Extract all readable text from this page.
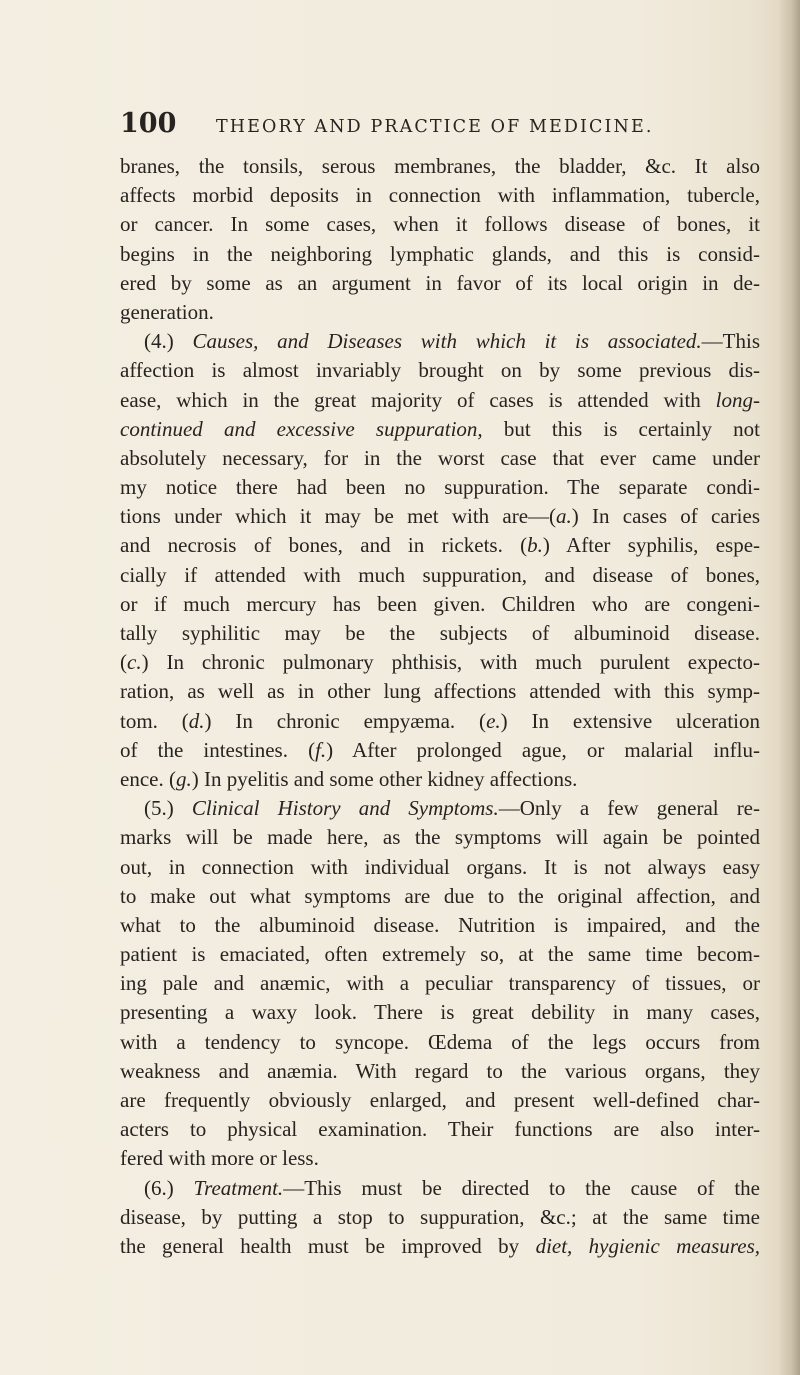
100 THEORY AND PRACTICE OF MEDICINE.
branes, the tonsils, serous membranes, the bladder, &c. It also
affects morbid deposits in connection with inflammation, tubercle,
or cancer. In some cases, when it follows disease of bones, it
begins in the neighboring lymphatic glands, and this is consid-
ered by some as an argument in favor of its local origin in de-
generation.
(4.) Causes, and Diseases with which it is associated.—This
affection is almost invariably brought on by some previous dis-
ease, which in the great majority of cases is attended with long-
continued and excessive suppuration, but this is certainly not
absolutely necessary, for in the worst case that ever came under
my notice there had been no suppuration. The separate condi-
tions under which it may be met with are—(a.) In cases of caries
and necrosis of bones, and in rickets. (b.) After syphilis, espe-
cially if attended with much suppuration, and disease of bones,
or if much mercury has been given. Children who are congeni-
tally syphilitic may be the subjects of albuminoid disease.
(c.) In chronic pulmonary phthisis, with much purulent expecto-
ration, as well as in other lung affections attended with this symp-
tom. (d.) In chronic empyæma. (e.) In extensive ulceration
of the intestines. (f.) After prolonged ague, or malarial influ-
ence. (g.) In pyelitis and some other kidney affections.
(5.) Clinical History and Symptoms.—Only a few general re-
marks will be made here, as the symptoms will again be pointed
out, in connection with individual organs. It is not always easy
to make out what symptoms are due to the original affection, and
what to the albuminoid disease. Nutrition is impaired, and the
patient is emaciated, often extremely so, at the same time becom-
ing pale and anæmic, with a peculiar transparency of tissues, or
presenting a waxy look. There is great debility in many cases,
with a tendency to syncope. Œdema of the legs occurs from
weakness and anæmia. With regard to the various organs, they
are frequently obviously enlarged, and present well-defined char-
acters to physical examination. Their functions are also inter-
fered with more or less.
(6.) Treatment.—This must be directed to the cause of the
disease, by putting a stop to suppuration, &c.; at the same time
the general health must be improved by diet, hygienic measures,
